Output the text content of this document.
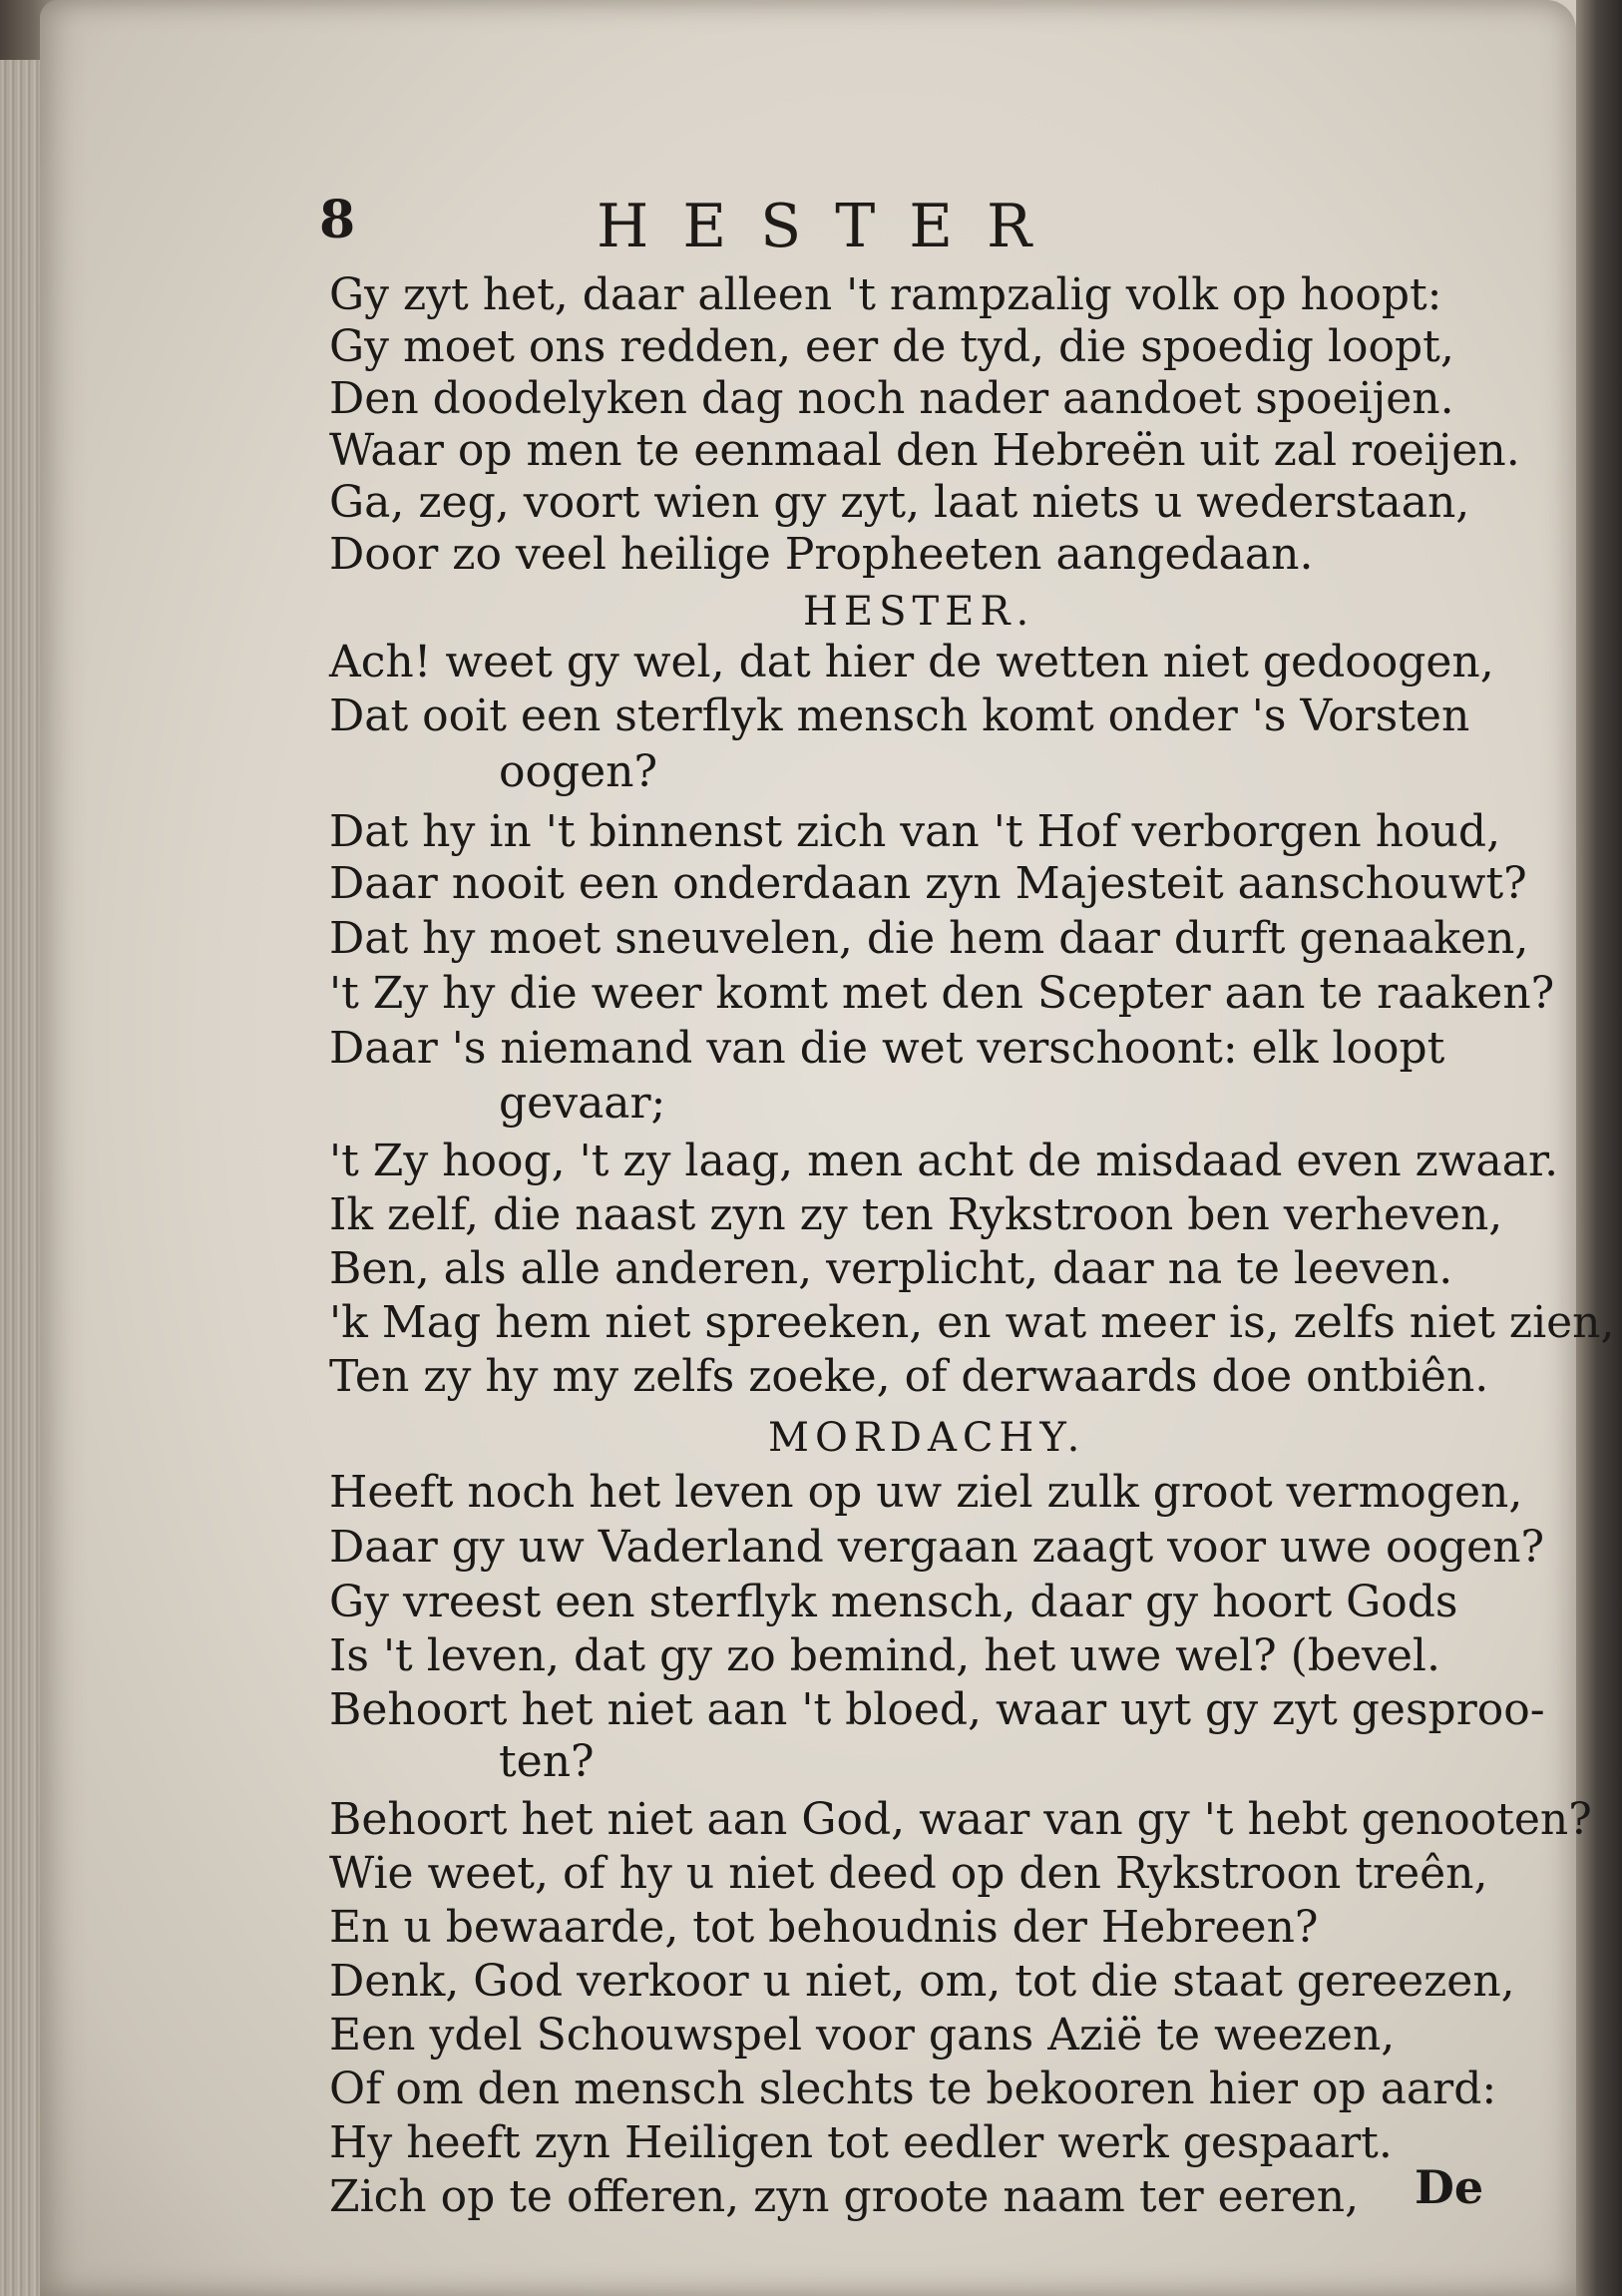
8	HESTER
Gy zyt het, daar alleen 't rampzalig volk op hoopt:
Gy moet ons redden, eer de tyd, die spoedig loopt,
Den doodelyken dag noch nader aandoet spoeijen.
Waar op men te eenmaal den Hebreën uit zal roeijen.
Ga, zeg, voort wien gy zyt, laat niets u wederstaan,
Door zo veel heilige Propheeten aangedaan.
HESTER.
Ach! weet gy wel, dat hier de wetten niet gedoogen,
Dat ooit een sterflyk mensch komt onder 's Vorsten
oogen?
Dat hy in 't binnenst zich van 't Hof verborgen houd,
Daar nooit een onderdaan zyn Majesteit aanschouwt?
Dat hy moet sneuvelen, die hem daar durft genaaken,
't Zy hy die weer komt met den Scepter aan te raaken?
Daar 's niemand van die wet verschoont: elk loopt
gevaar;
't Zy hoog, 't zy laag, men acht de misdaad even zwaar.
Ik zelf, die naast zyn zy ten Rykstroon ben verheven,
Ben, als alle anderen, verplicht, daar na te leeven.
'k Mag hem niet spreeken, en wat meer is, zelfs niet zien,
Ten zy hy my zelfs zoeke, of derwaards doe ontbiên.
MORDACHY.
Heeft noch het leven op uw ziel zulk groot vermogen,
Daar gy uw Vaderland vergaan zaagt voor uwe oogen?
Gy vreest een sterflyk mensch, daar gy hoort Gods
Is 't leven, dat gy zo bemind, het uwe wel? (bevel.
Behoort het niet aan 't bloed, waar uyt gy zyt gesproo-
ten?
Behoort het niet aan God, waar van gy 't hebt genooten?
Wie weet, of hy u niet deed op den Rykstroon treên,
En u bewaarde, tot behoudnis der Hebreen?
Denk, God verkoor u niet, om, tot die staat gereezen,
Een ydel Schouwspel voor gans Azië te weezen,
Of om den mensch slechts te bekooren hier op aard:
Hy heeft zyn Heiligen tot eedler werk gespaart.
Zich op te offeren, zyn groote naam ter eeren, De
